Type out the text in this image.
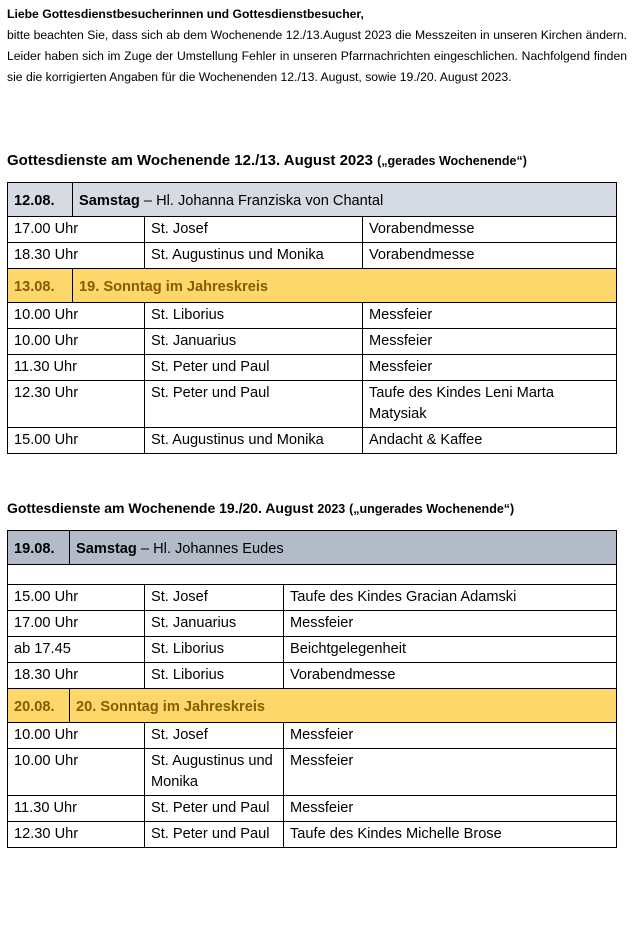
Liebe Gottesdienstbesucherinnen und Gottesdienstbesucher,
bitte beachten Sie, dass sich ab dem Wochenende 12./13.August 2023 die Messzeiten in unseren Kirchen ändern. Leider haben sich im Zuge der Umstellung Fehler in unseren Pfarrnachrichten eingeschlichen. Nachfolgend finden sie die korrigierten Angaben für die Wochenenden 12./13. August, sowie 19./20. August 2023.
Gottesdienste am Wochenende 12./13. August 2023 („gerades Wochenende“)
12.08.	Samstag – Hl. Johanna Franziska von Chantal		
17.00 Uhr		St. Josef	Vorabendmesse
18.30 Uhr		St. Augustinus und Monika	Vorabendmesse
13.08.	19. Sonntag im Jahreskreis		
10.00 Uhr		St. Liborius	Messfeier
10.00 Uhr		St. Januarius	Messfeier
11.30 Uhr		St. Peter und Paul	Messfeier
12.30 Uhr		St. Peter und Paul	Taufe des Kindes Leni Marta Matysiak
15.00 Uhr		St. Augustinus und Monika	Andacht & Kaffee
Gottesdienste am Wochenende 19./20. August 2023 („ungerades Wochenende“)
19.08.	Samstag – Hl. Johannes Eudes		

15.00 Uhr		St. Josef	Taufe des Kindes Gracian Adamski
17.00 Uhr		St. Januarius	Messfeier
ab 17.45		St. Liborius	Beichtgelegenheit
18.30 Uhr		St. Liborius	Vorabendmesse
20.08.	20. Sonntag im Jahreskreis		
10.00 Uhr		St. Josef	Messfeier
10.00 Uhr		St. Augustinus und Monika	Messfeier
11.30 Uhr		St. Peter und Paul	Messfeier
12.30 Uhr		St. Peter und Paul	Taufe des Kindes Michelle Brose
